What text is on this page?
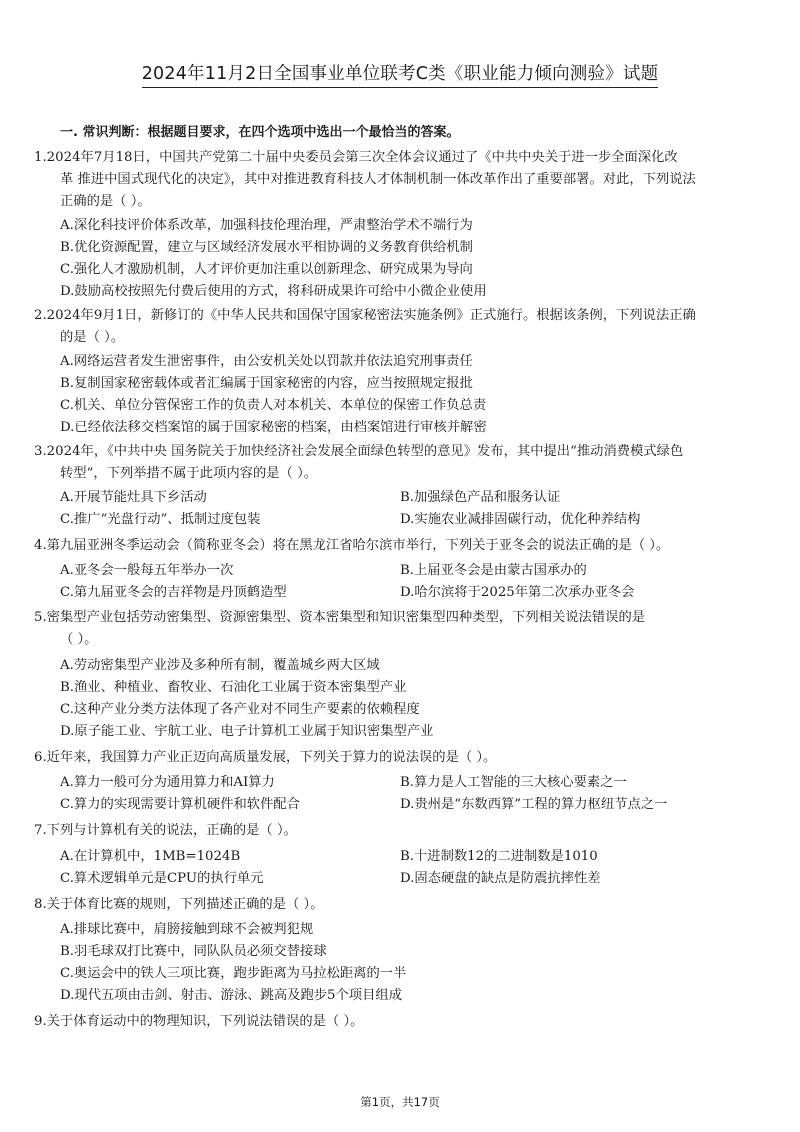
2024年11月2日全国事业单位联考C类《职业能力倾向测验》试题
一. 常识判断：根据题目要求，在四个选项中选出一个最恰当的答案。
1.2024年7月18日，中国共产党第二十届中央委员会第三次全体会议通过了《中共中央关于进一步全面深化改
革 推进中国式现代化的决定》，其中对推进教育科技人才体制机制一体改革作出了重要部署。对此，下列说法
正确的是（ ）。
A.深化科技评价体系改革，加强科技伦理治理，严肃整治学术不端行为
B.优化资源配置，建立与区域经济发展水平相协调的义务教育供给机制
C.强化人才激励机制，人才评价更加注重以创新理念、研究成果为导向
D.鼓励高校按照先付费后使用的方式，将科研成果许可给中小微企业使用
2.2024年9月1日，新修订的《中华人民共和国保守国家秘密法实施条例》正式施行。根据该条例，下列说法正确
的是（ ）。
A.网络运营者发生泄密事件，由公安机关处以罚款并依法追究刑事责任
B.复制国家秘密载体或者汇编属于国家秘密的内容，应当按照规定报批
C.机关、单位分管保密工作的负责人对本机关、本单位的保密工作负总责
D.已经依法移交档案馆的属于国家秘密的档案，由档案馆进行审核并解密
3.2024年，《中共中央 国务院关于加快经济社会发展全面绿色转型的意见》发布，其中提出“推动消费模式绿色
转型”，下列举措不属于此项内容的是（ ）。
A.开展节能灶具下乡活动	B.加强绿色产品和服务认证
C.推广“光盘行动”、抵制过度包装	D.实施农业减排固碳行动，优化种养结构
4.第九届亚洲冬季运动会（简称亚冬会）将在黑龙江省哈尔滨市举行，下列关于亚冬会的说法正确的是（ ）。
A.亚冬会一般每五年举办一次	B.上届亚冬会是由蒙古国承办的
C.第九届亚冬会的吉祥物是丹顶鹤造型	D.哈尔滨将于2025年第二次承办亚冬会
5.密集型产业包括劳动密集型、资源密集型、资本密集型和知识密集型四种类型，下列相关说法错误的是
（ ）。
A.劳动密集型产业涉及多种所有制，覆盖城乡两大区域
B.渔业、种植业、畜牧业、石油化工业属于资本密集型产业
C.这种产业分类方法体现了各产业对不同生产要素的依赖程度
D.原子能工业、宇航工业、电子计算机工业属于知识密集型产业
6.近年来，我国算力产业正迈向高质量发展，下列关于算力的说法误的是（ ）。
A.算力一般可分为通用算力和AI算力	B.算力是人工智能的三大核心要素之一
C.算力的实现需要计算机硬件和软件配合	D.贵州是“东数西算”工程的算力枢纽节点之一
7.下列与计算机有关的说法，正确的是（ ）。
A.在计算机中，1MB=1024B	B.十进制数12的二进制数是1010
C.算术逻辑单元是CPU的执行单元	D.固态硬盘的缺点是防震抗摔性差
8.关于体育比赛的规则，下列描述正确的是（ ）。
A.排球比赛中，肩膀接触到球不会被判犯规
B.羽毛球双打比赛中，同队队员必须交替接球
C.奥运会中的铁人三项比赛，跑步距离为马拉松距离的一半
D.现代五项由击剑、射击、游泳、跳高及跑步5个项目组成
9.关于体育运动中的物理知识，下列说法错误的是（ ）。
第1页，共17页
